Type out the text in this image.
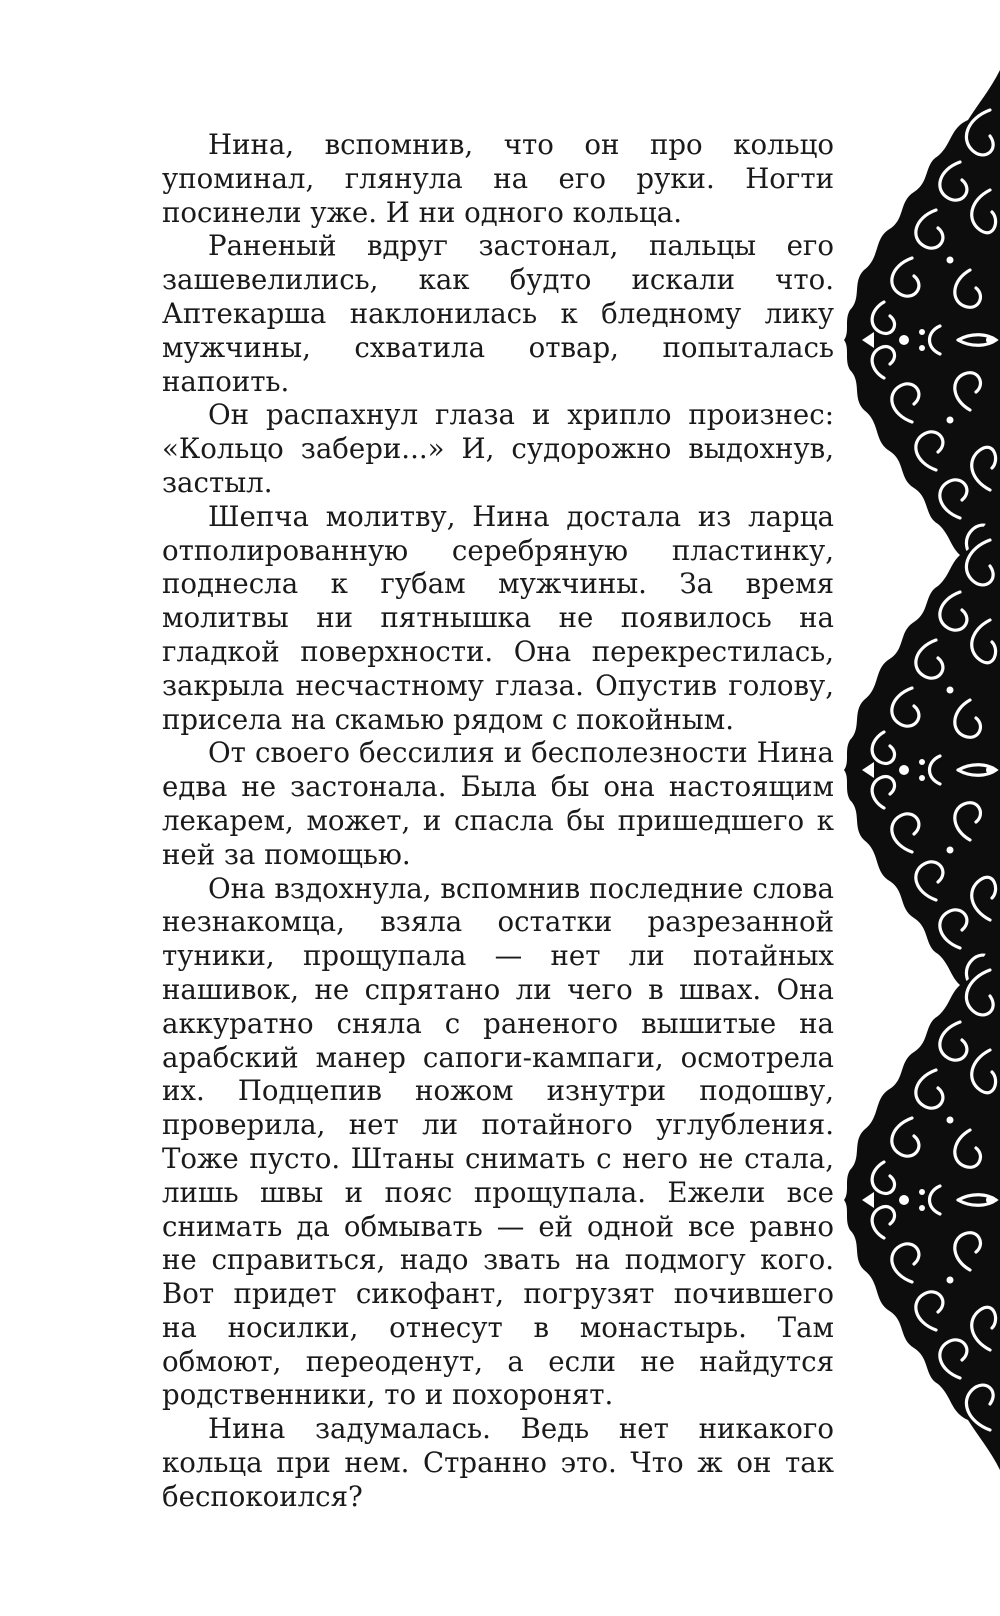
Нина, вспомнив, что он про кольцо упоминал, глянула на его руки. Ногти посинели уже. И ни одного кольца.

Раненый вдруг застонал, пальцы его зашевелились, как будто искали что. Аптекарша наклонилась к бледному лику мужчины, схватила отвар, попыталась напоить.

Он распахнул глаза и хрипло произнес: «Кольцо забери...» И, судорожно выдохнув, застыл.

Шепча молитву, Нина достала из ларца отполированную серебряную пластинку, поднесла к губам мужчины. За время молитвы ни пятнышка не появилось на гладкой поверхности. Она перекрестилась, закрыла несчастному глаза. Опустив голову, присела на скамью рядом с покойным.

От своего бессилия и бесполезности Нина едва не застонала. Была бы она настоящим лекарем, может, и спасла бы пришедшего к ней за помощью.

Она вздохнула, вспомнив последние слова незнакомца, взяла остатки разрезанной туники, прощупала — нет ли потайных нашивок, не спрятано ли чего в швах. Она аккуратно сняла с раненого вышитые на арабский манер сапоги-кампаги, осмотрела их. Подцепив ножом изнутри подошву, проверила, нет ли потайного углубления. Тоже пусто. Штаны снимать с него не стала, лишь швы и пояс прощупала. Ежели все снимать да обмывать — ей одной все равно не справиться, надо звать на подмогу кого. Вот придет сикофант, погрузят почившего на носилки, отнесут в монастырь. Там обмоют, переоденут, а если не найдутся родственники, то и похоронят.

Нина задумалась. Ведь нет никакого кольца при нем. Странно это. Что ж он так беспокоился?
